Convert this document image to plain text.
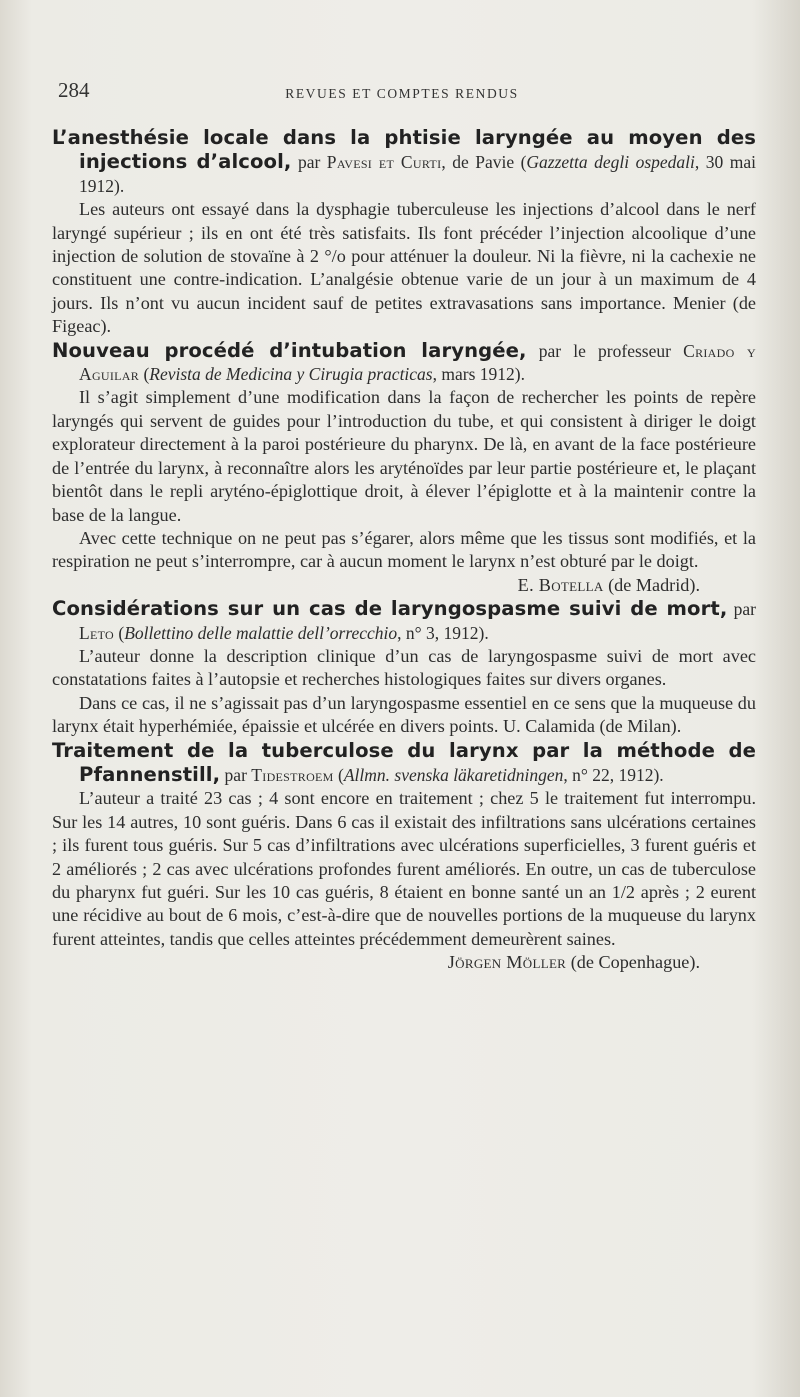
284	REVUES ET COMPTES RENDUS

L’anesthésie locale dans la phtisie laryngée au moyen des injections d’alcool, par Pavesi et Curti, de Pavie (Gazzetta degli ospedali, 30 mai 1912).

Les auteurs ont essayé dans la dysphagie tuberculeuse les injections d’alcool dans le nerf laryngé supérieur ; ils en ont été très satisfaits. Ils font précéder l’injection alcoolique d’une injection de solution de stovaïne à 2 °/o pour atténuer la douleur. Ni la fièvre, ni la cachexie ne constituent une contre-indication. L’analgésie obtenue varie de un jour à un maximum de 4 jours. Ils n’ont vu aucun incident sauf de petites extravasations sans importance. Menier (de Figeac).

Nouveau procédé d’intubation laryngée, par le professeur Criado y Aguilar (Revista de Medicina y Cirugia practicas, mars 1912).

Il s’agit simplement d’une modification dans la façon de rechercher les points de repère laryngés qui servent de guides pour l’introduction du tube, et qui consistent à diriger le doigt explorateur directement à la paroi postérieure du pharynx. De là, en avant de la face postérieure de l’entrée du larynx, à reconnaître alors les aryténoïdes par leur partie postérieure et, le plaçant bientôt dans le repli aryténo-épiglottique droit, à élever l’épiglotte et à la maintenir contre la base de la langue.

Avec cette technique on ne peut pas s’égarer, alors même que les tissus sont modifiés, et la respiration ne peut s’interrompre, car à aucun moment le larynx n’est obturé par le doigt.

E. Botella (de Madrid).

Considérations sur un cas de laryngospasme suivi de mort, par Leto (Bollettino delle malattie dell’orrecchio, n° 3, 1912).

L’auteur donne la description clinique d’un cas de laryngospasme suivi de mort avec constatations faites à l’autopsie et recherches histologiques faites sur divers organes.

Dans ce cas, il ne s’agissait pas d’un laryngospasme essentiel en ce sens que la muqueuse du larynx était hyperhémiée, épaissie et ulcérée en divers points. U. Calamida (de Milan).

Traitement de la tuberculose du larynx par la méthode de Pfannenstill, par Tidestroem (Allmn. svenska läkaretidningen, n° 22, 1912).

L’auteur a traité 23 cas ; 4 sont encore en traitement ; chez 5 le traitement fut interrompu. Sur les 14 autres, 10 sont guéris. Dans 6 cas il existait des infiltrations sans ulcérations certaines ; ils furent tous guéris. Sur 5 cas d’infiltrations avec ulcérations superficielles, 3 furent guéris et 2 améliorés ; 2 cas avec ulcérations profondes furent améliorés. En outre, un cas de tuberculose du pharynx fut guéri. Sur les 10 cas guéris, 8 étaient en bonne santé un an 1/2 après ; 2 eurent une récidive au bout de 6 mois, c’est-à-dire que de nouvelles portions de la muqueuse du larynx furent atteintes, tandis que celles atteintes précédemment demeurèrent saines.

Jörgen Möller (de Copenhague).
